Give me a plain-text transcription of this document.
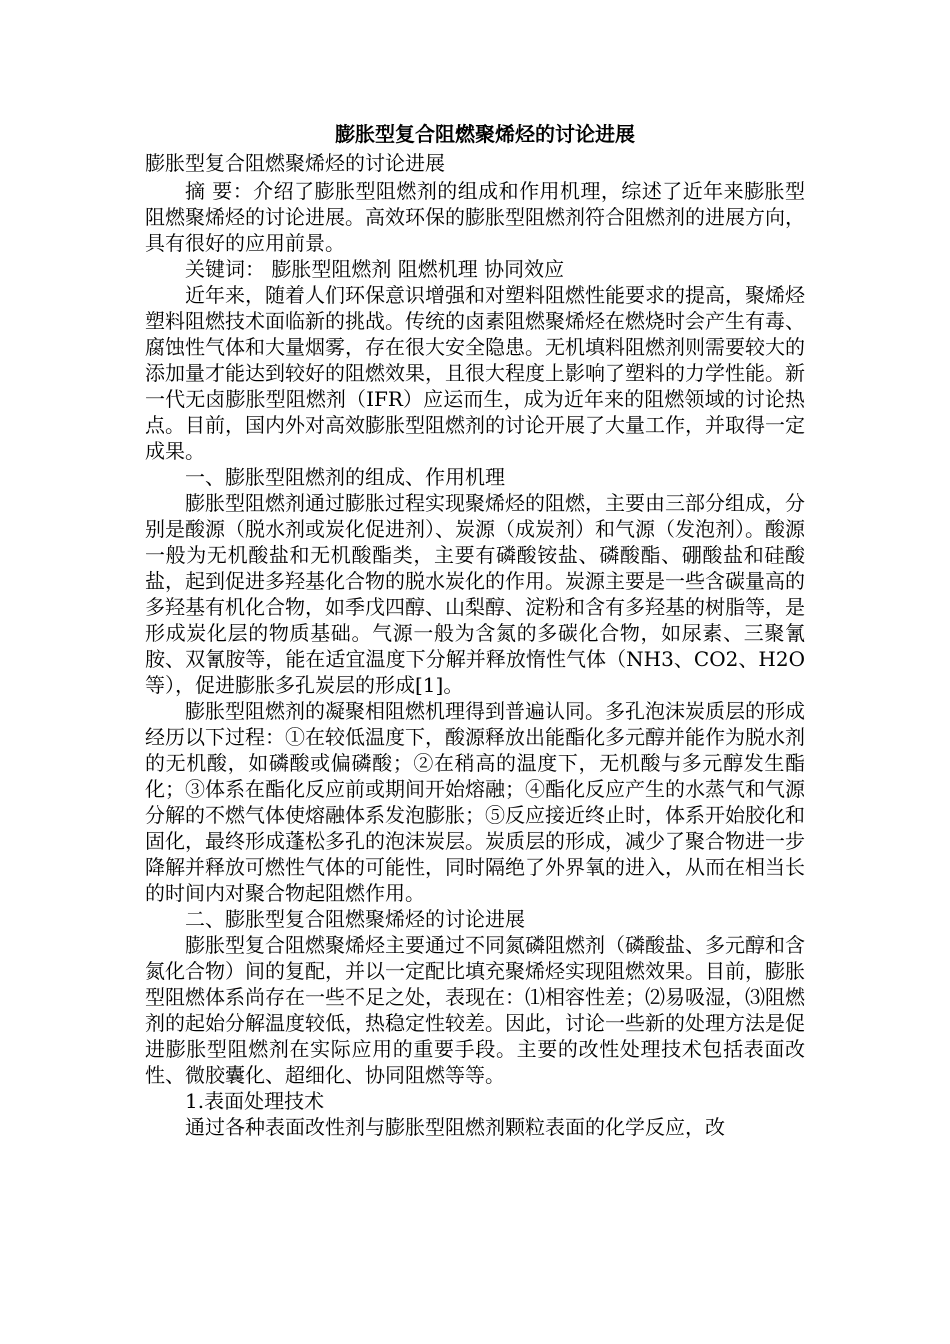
膨胀型复合阻燃聚烯烃的讨论进展
膨胀型复合阻燃聚烯烃的讨论进展

摘 要：介绍了膨胀型阻燃剂的组成和作用机理，综述了近年来膨胀型阻燃聚烯烃的讨论进展。高效环保的膨胀型阻燃剂符合阻燃剂的进展方向，具有很好的应用前景。

关键词： 膨胀型阻燃剂 阻燃机理 协同效应

近年来，随着人们环保意识增强和对塑料阻燃性能要求的提高，聚烯烃塑料阻燃技术面临新的挑战。传统的卤素阻燃聚烯烃在燃烧时会产生有毒、腐蚀性气体和大量烟雾，存在很大安全隐患。无机填料阻燃剂则需要较大的添加量才能达到较好的阻燃效果，且很大程度上影响了塑料的力学性能。新一代无卤膨胀型阻燃剂（IFR）应运而生，成为近年来的阻燃领域的讨论热点。目前，国内外对高效膨胀型阻燃剂的讨论开展了大量工作，并取得一定成果。

一、膨胀型阻燃剂的组成、作用机理

膨胀型阻燃剂通过膨胀过程实现聚烯烃的阻燃，主要由三部分组成，分别是酸源（脱水剂或炭化促进剂）、炭源（成炭剂）和气源（发泡剂）。酸源一般为无机酸盐和无机酸酯类，主要有磷酸铵盐、磷酸酯、硼酸盐和硅酸盐，起到促进多羟基化合物的脱水炭化的作用。炭源主要是一些含碳量高的多羟基有机化合物，如季戊四醇、山梨醇、淀粉和含有多羟基的树脂等，是形成炭化层的物质基础。气源一般为含氮的多碳化合物，如尿素、三聚氰胺、双氰胺等，能在适宜温度下分解并释放惰性气体（NH3、CO2、H2O等），促进膨胀多孔炭层的形成[1]。

膨胀型阻燃剂的凝聚相阻燃机理得到普遍认同。多孔泡沫炭质层的形成经历以下过程：①在较低温度下，酸源释放出能酯化多元醇并能作为脱水剂的无机酸，如磷酸或偏磷酸；②在稍高的温度下，无机酸与多元醇发生酯化；③体系在酯化反应前或期间开始熔融；④酯化反应产生的水蒸气和气源分解的不燃气体使熔融体系发泡膨胀；⑤反应接近终止时，体系开始胶化和固化，最终形成蓬松多孔的泡沫炭层。炭质层的形成，减少了聚合物进一步降解并释放可燃性气体的可能性，同时隔绝了外界氧的进入，从而在相当长的时间内对聚合物起阻燃作用。

二、膨胀型复合阻燃聚烯烃的讨论进展

膨胀型复合阻燃聚烯烃主要通过不同氮磷阻燃剂（磷酸盐、多元醇和含氮化合物）间的复配，并以一定配比填充聚烯烃实现阻燃效果。目前，膨胀型阻燃体系尚存在一些不足之处，表现在：⑴相容性差；⑵易吸湿，⑶阻燃剂的起始分解温度较低，热稳定性较差。因此，讨论一些新的处理方法是促进膨胀型阻燃剂在实际应用的重要手段。主要的改性处理技术包括表面改性、微胶囊化、超细化、协同阻燃等等。

1.表面处理技术

通过各种表面改性剂与膨胀型阻燃剂颗粒表面的化学反应，改
